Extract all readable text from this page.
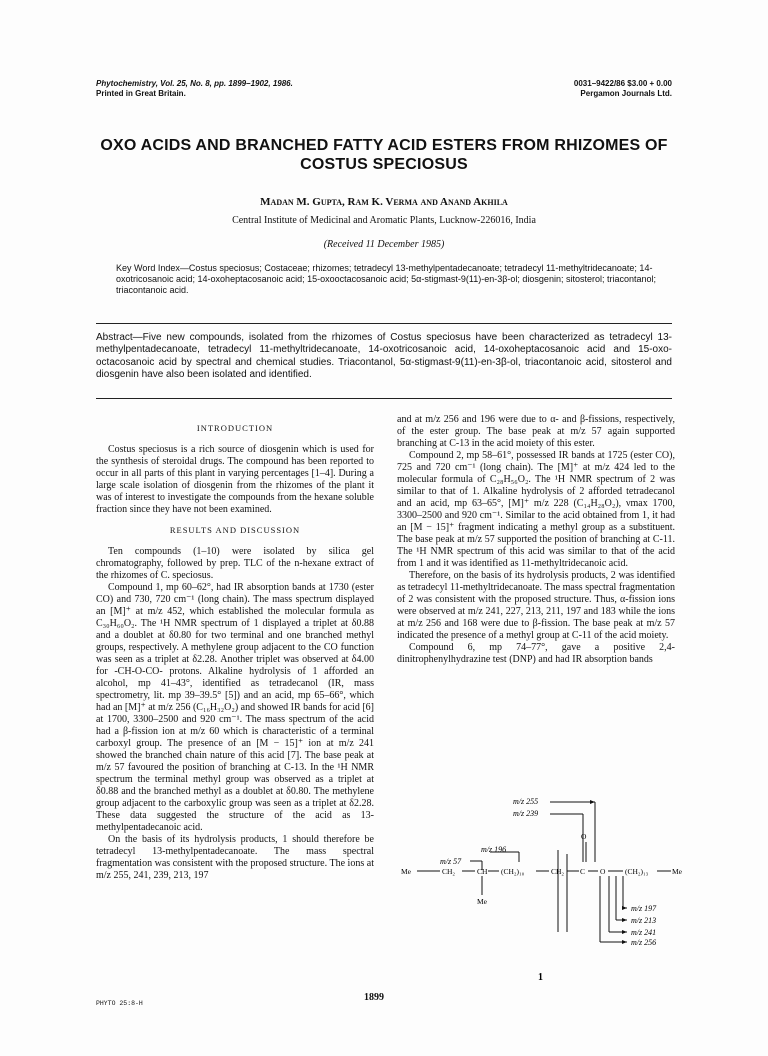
Phytochemistry, Vol. 25, No. 8, pp. 1899–1902, 1986.
Printed in Great Britain.
0031–9422/86 $3.00 + 0.00
Pergamon Journals Ltd.
OXO ACIDS AND BRANCHED FATTY ACID ESTERS FROM RHIZOMES OF COSTUS SPECIOSUS
Madan M. Gupta, Ram K. Verma and Anand Akhila
Central Institute of Medicinal and Aromatic Plants, Lucknow-226016, India
(Received 11 December 1985)
Key Word Index—Costus speciosus; Costaceae; rhizomes; tetradecyl 13-methylpentadecanoate; tetradecyl 11-methyltridecanoate; 14-oxotricosanoic acid; 14-oxoheptacosanoic acid; 15-oxooctacosanoic acid; 5α-stigmast-9(11)-en-3β-ol; diosgenin; sitosterol; triacontanol; triacontanoic acid.
Abstract—Five new compounds, isolated from the rhizomes of Costus speciosus have been characterized as tetradecyl 13-methylpentadecanoate, tetradecyl 11-methyltridecanoate, 14-oxotricosanoic acid, 14-oxoheptacosanoic acid and 15-oxo-octacosanoic acid by spectral and chemical studies. Triacontanol, 5α-stigmast-9(11)-en-3β-ol, triacontanoic acid, sitosterol and diosgenin have also been isolated and identified.
INTRODUCTION

Costus speciosus is a rich source of diosgenin which is used for the synthesis of steroidal drugs. The compound has been reported to occur in all parts of this plant in varying percentages [1–4]. During a large scale isolation of diosgenin from the rhizomes of the plant it was of interest to investigate the compounds from the hexane soluble fraction since they have not been examined.

RESULTS AND DISCUSSION

Ten compounds (1–10) were isolated by silica gel chromatography, followed by prep. TLC of the n-hexane extract of the rhizomes of C. speciosus.

Compound 1, mp 60–62°, had IR absorption bands at 1730 (ester CO) and 730, 720 cm⁻¹ (long chain). The mass spectrum displayed an [M]⁺ at m/z 452, which established the molecular formula as C₃₀H₆₀O₂. The ¹H NMR spectrum of 1 displayed a triplet at δ0.88 and a doublet at δ0.80 for two terminal and one branched methyl groups, respectively. A methylene group adjacent to the CO function was seen as a triplet at δ2.28. Another triplet was observed at δ4.00 for -CH-O-CO- protons. Alkaline hydrolysis of 1 afforded an alcohol, mp 41–43°, identified as tetradecanol (IR, mass spectrometry, lit. mp 39–39.5° [5]) and an acid, mp 65–66°, which had an [M]⁺ at m/z 256 (C₁₆H₃₂O₂) and showed IR bands for acid [6] at 1700, 3300–2500 and 920 cm⁻¹. The mass spectrum of the acid had a β-fission ion at m/z 60 which is characteristic of a terminal carboxyl group. The presence of an [M − 15]⁺ ion at m/z 241 showed the branched chain nature of this acid [7]. The base peak at m/z 57 favoured the position of branching at C-13. In the ¹H NMR spectrum the terminal methyl group was observed as a triplet at δ0.88 and the branched methyl as a doublet at δ0.80. The methylene group adjacent to the carboxylic group was seen as a triplet at δ2.28. These data suggested the structure of the acid as 13-methylpentadecanoic acid.

On the basis of its hydrolysis products, 1 should therefore be tetradecyl 13-methylpentadecanoate. The mass spectral fragmentation was consistent with the proposed structure. The ions at m/z 255, 241, 239, 213, 197

and at m/z 256 and 196 were due to α- and β-fissions, respectively, of the ester group. The base peak at m/z 57 again supported branching at C-13 in the acid moiety of this ester.

Compound 2, mp 58–61°, possessed IR bands at 1725 (ester CO), 725 and 720 cm⁻¹ (long chain). The [M]⁺ at m/z 424 led to the molecular formula of C₂₈H₅₆O₂. The ¹H NMR spectrum of 2 was similar to that of 1. Alkaline hydrolysis of 2 afforded tetradecanol and an acid, mp 63–65°, [M]⁺ m/z 228 (C₁₄H₂₈O₂), νmax 1700, 3300–2500 and 920 cm⁻¹. Similar to the acid obtained from 1, it had an [M − 15]⁺ fragment indicating a methyl group as a substituent. The base peak at m/z 57 supported the position of branching at C-11. The ¹H NMR spectrum of this acid was similar to that of the acid from 1 and it was identified as 11-methyltridecanoic acid.

Therefore, on the basis of its hydrolysis products, 2 was identified as tetradecyl 11-methyltridecanoate. The mass spectral fragmentation of 2 was consistent with the proposed structure. Thus, α-fission ions were observed at m/z 241, 227, 213, 211, 197 and 183 while the ions at m/z 256 and 168 were due to β-fission. The base peak at m/z 57 indicated the presence of a methyl group at C-11 of the acid moiety.

Compound 6, mp 74–77°, gave a positive 2,4-dinitrophenylhydrazine test (DNP) and had IR absorption bands

m/z 255
m/z 239
m/z 196
m/z 57
m/z 197
m/z 213
m/z 241
m/z 256
Me	CH₂	CH (CH₂)₁₀	CH₂ C O	(CH₂)₁₃	Me
Me
O
1
PHYTO 25:8-H
1899
